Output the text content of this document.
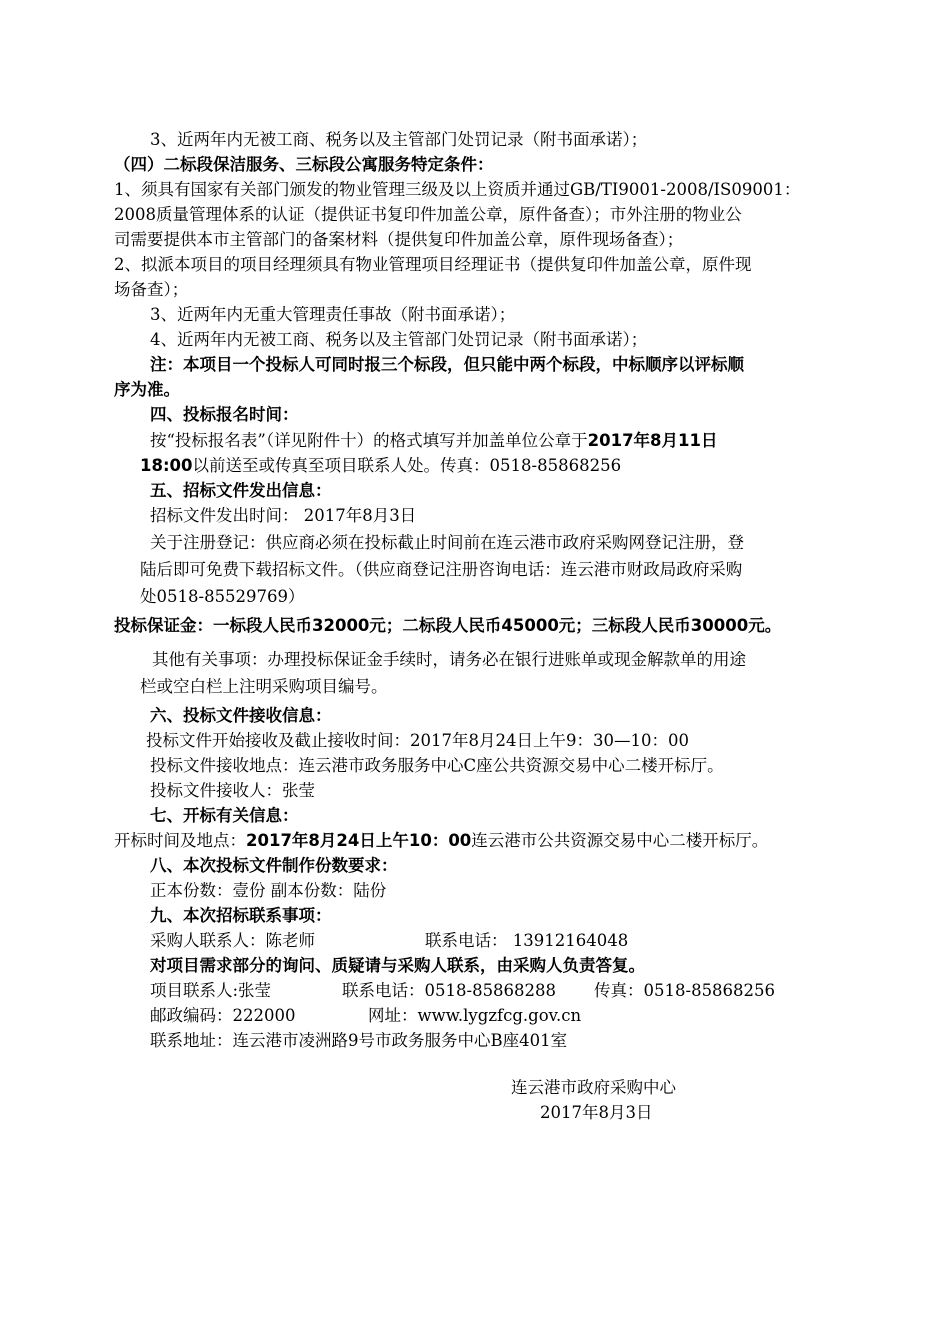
3、近两年内无被工商、税务以及主管部门处罚记录（附书面承诺）；
（四）二标段保洁服务、三标段公寓服务特定条件：
1、须具有国家有关部门颁发的物业管理三级及以上资质并通过GB/TI9001-2008/IS09001：
2008质量管理体系的认证（提供证书复印件加盖公章，原件备查）；市外注册的物业公
司需要提供本市主管部门的备案材料（提供复印件加盖公章，原件现场备查）；
2、拟派本项目的项目经理须具有物业管理项目经理证书（提供复印件加盖公章，原件现
场备查）；
3、近两年内无重大管理责任事故（附书面承诺）；
4、近两年内无被工商、税务以及主管部门处罚记录（附书面承诺）；
注：本项目一个投标人可同时报三个标段，但只能中两个标段，中标顺序以评标顺
序为准。
四、投标报名时间：
按“投标报名表”（详见附件十）的格式填写并加盖单位公章于2017年8月11日
18:00以前送至或传真至项目联系人处。传真：0518-85868256
五、招标文件发出信息：
招标文件发出时间： 2017年8月3日
关于注册登记：供应商必须在投标截止时间前在连云港市政府采购网登记注册，登
陆后即可免费下载招标文件。（供应商登记注册咨询电话：连云港市财政局政府采购
处0518-85529769）
投标保证金：一标段人民币32000元；二标段人民币45000元；三标段人民币30000元。
其他有关事项：办理投标保证金手续时，请务必在银行进账单或现金解款单的用途
栏或空白栏上注明采购项目编号。
六、投标文件接收信息：
投标文件开始接收及截止接收时间：2017年8月24日上午9：30—10：00
投标文件接收地点：连云港市政务服务中心C座公共资源交易中心二楼开标厅。
投标文件接收人：张莹
七、开标有关信息：
开标时间及地点：2017年8月24日上午10：00连云港市公共资源交易中心二楼开标厅。
八、本次投标文件制作份数要求：
正本份数：壹份 副本份数：陆份
九、本次招标联系事项：
采购人联系人：陈老师	联系电话： 13912164048
对项目需求部分的询问、质疑请与采购人联系，由采购人负责答复。
项目联系人:张莹	联系电话：0518-85868288 传真：0518-85868256
邮政编码：222000	网址：www.lygzfcg.gov.cn
联系地址：连云港市凌洲路9号市政务服务中心B座401室
连云港市政府采购中心
2017年8月3日
